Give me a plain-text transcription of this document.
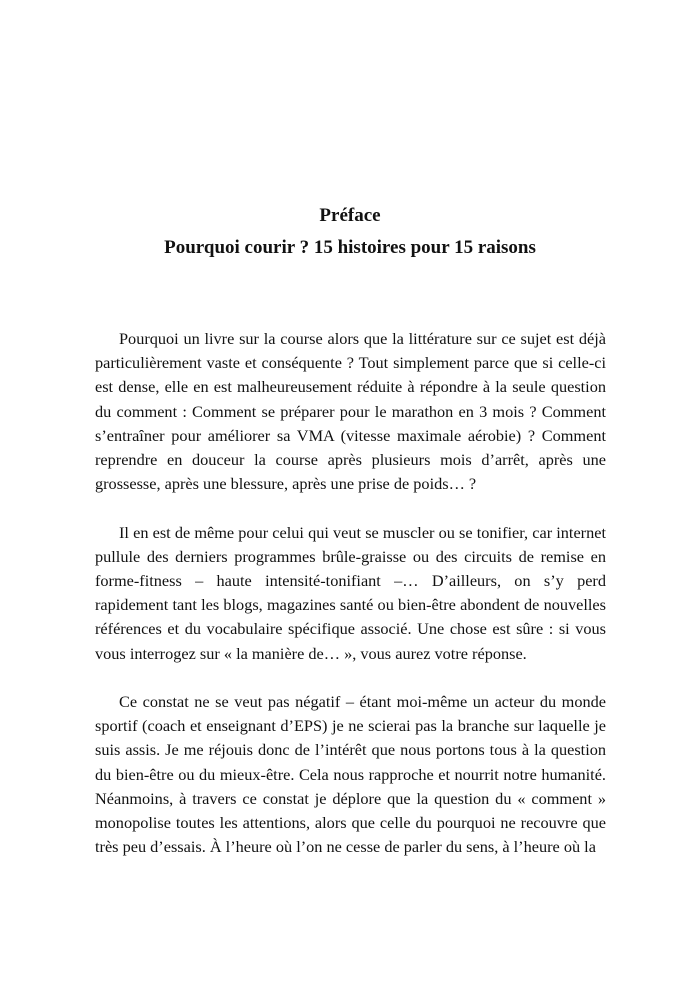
Préface
Pourquoi courir ? 15 histoires pour 15 raisons

Pourquoi un livre sur la course alors que la littérature sur ce sujet est déjà particulièrement vaste et conséquente ? Tout simplement parce que si celle-ci est dense, elle en est malheureusement réduite à répondre à la seule question du comment : Comment se préparer pour le marathon en 3 mois ? Comment s’entraîner pour améliorer sa VMA (vitesse maximale aérobie) ? Comment reprendre en douceur la course après plusieurs mois d’arrêt, après une grossesse, après une blessure, après une prise de poids… ?

Il en est de même pour celui qui veut se muscler ou se tonifier, car internet pullule des derniers programmes brûle-graisse ou des circuits de remise en forme-fitness – haute intensité-tonifiant –… D’ailleurs, on s’y perd rapidement tant les blogs, magazines santé ou bien-être abondent de nouvelles références et du vocabulaire spécifique associé. Une chose est sûre : si vous vous interrogez sur « la manière de… », vous aurez votre réponse.

Ce constat ne se veut pas négatif – étant moi-même un acteur du monde sportif (coach et enseignant d’EPS) je ne scierai pas la branche sur laquelle je suis assis. Je me réjouis donc de l’intérêt que nous portons tous à la question du bien-être ou du mieux-être. Cela nous rapproche et nourrit notre humanité. Néanmoins, à travers ce constat je déplore que la question du « comment » monopolise toutes les attentions, alors que celle du pourquoi ne recouvre que très peu d’essais. À l’heure où l’on ne cesse de parler du sens, à l’heure où la
